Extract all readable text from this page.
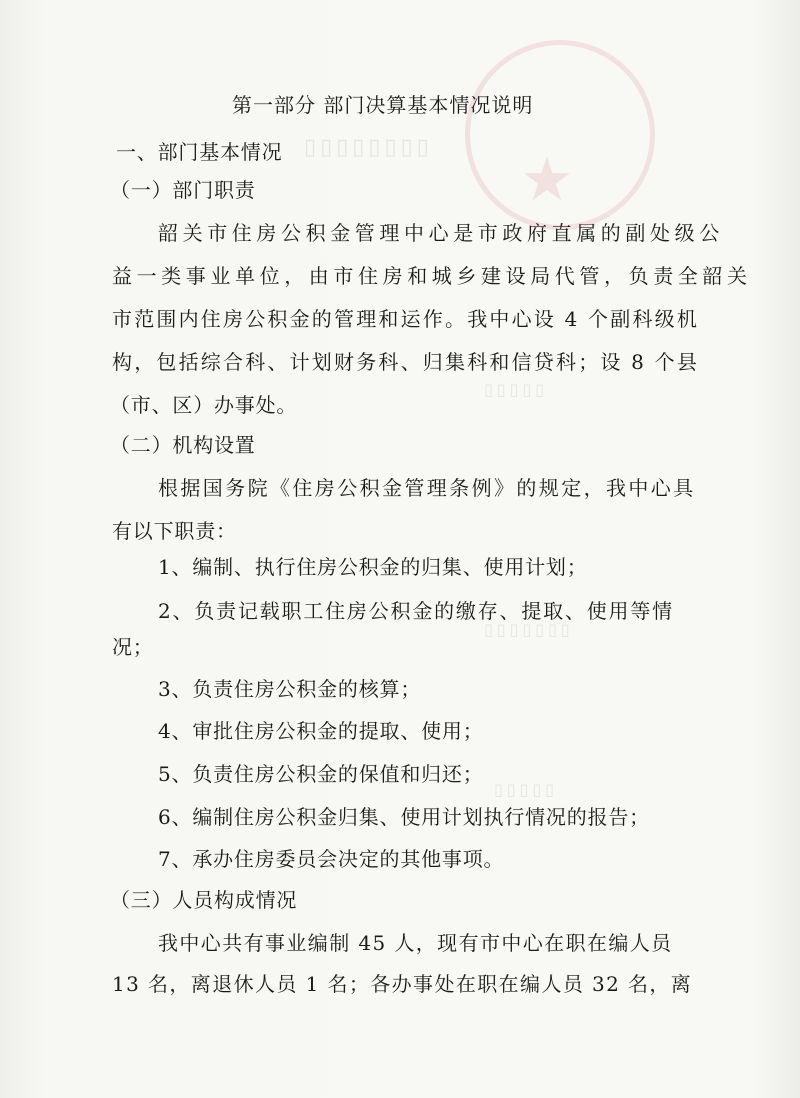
★
▯▯▯▯▯▯▯▯
▯▯▯▯▯
▯▯▯▯▯▯▯
▯▯▯▯▯
第一部分 部门决算基本情况说明
一、部门基本情况
（一）部门职责
韶关市住房公积金管理中心是市政府直属的副处级公
益一类事业单位，由市住房和城乡建设局代管，负责全韶关
市范围内住房公积金的管理和运作。我中心设 4 个副科级机
构，包括综合科、计划财务科、归集科和信贷科；设 8 个县
（市、区）办事处。
（二）机构设置
根据国务院《住房公积金管理条例》的规定，我中心具
有以下职责：
1、编制、执行住房公积金的归集、使用计划；
2、负责记载职工住房公积金的缴存、提取、使用等情
况；
3、负责住房公积金的核算；
4、审批住房公积金的提取、使用；
5、负责住房公积金的保值和归还；
6、编制住房公积金归集、使用计划执行情况的报告；
7、承办住房委员会决定的其他事项。
（三）人员构成情况
我中心共有事业编制 45 人，现有市中心在职在编人员
13 名，离退休人员 1 名；各办事处在职在编人员 32 名，离
